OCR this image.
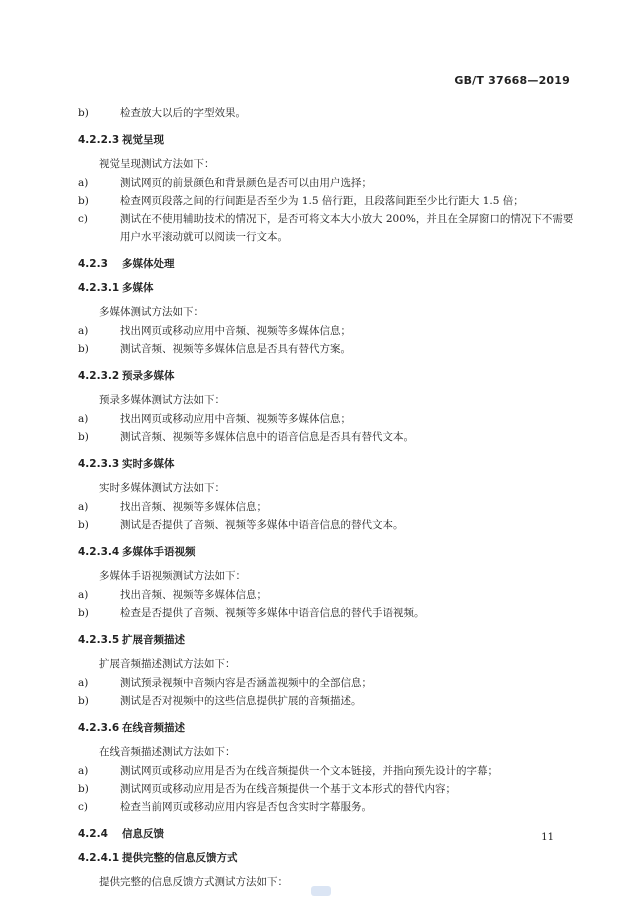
GB/T 37668—2019
b)	检查放大以后的字型效果。
4.2.2.3 视觉呈现
视觉呈现测试方法如下：
a)	测试网页的前景颜色和背景颜色是否可以由用户选择；
b)	检查网页段落之间的行间距是否至少为 1.5 倍行距，且段落间距至少比行距大 1.5 倍；
c)	测试在不使用辅助技术的情况下，是否可将文本大小放大 200%，并且在全屏窗口的情况下不需要用户水平滚动就可以阅读一行文本。
4.2.3 多媒体处理
4.2.3.1 多媒体
多媒体测试方法如下：
a)	找出网页或移动应用中音频、视频等多媒体信息；
b)	测试音频、视频等多媒体信息是否具有替代方案。
4.2.3.2 预录多媒体
预录多媒体测试方法如下：
a)	找出网页或移动应用中音频、视频等多媒体信息；
b)	测试音频、视频等多媒体信息中的语音信息是否具有替代文本。
4.2.3.3 实时多媒体
实时多媒体测试方法如下：
a)	找出音频、视频等多媒体信息；
b)	测试是否提供了音频、视频等多媒体中语音信息的替代文本。
4.2.3.4 多媒体手语视频
多媒体手语视频测试方法如下：
a)	找出音频、视频等多媒体信息；
b)	检查是否提供了音频、视频等多媒体中语音信息的替代手语视频。
4.2.3.5 扩展音频描述
扩展音频描述测试方法如下：
a)	测试预录视频中音频内容是否涵盖视频中的全部信息；
b)	测试是否对视频中的这些信息提供扩展的音频描述。
4.2.3.6 在线音频描述
在线音频描述测试方法如下：
a)	测试网页或移动应用是否为在线音频提供一个文本链接，并指向预先设计的字幕；
b)	测试网页或移动应用是否为在线音频提供一个基于文本形式的替代内容；
c)	检查当前网页或移动应用内容是否包含实时字幕服务。
4.2.4 信息反馈
4.2.4.1 提供完整的信息反馈方式
提供完整的信息反馈方式测试方法如下：
11
